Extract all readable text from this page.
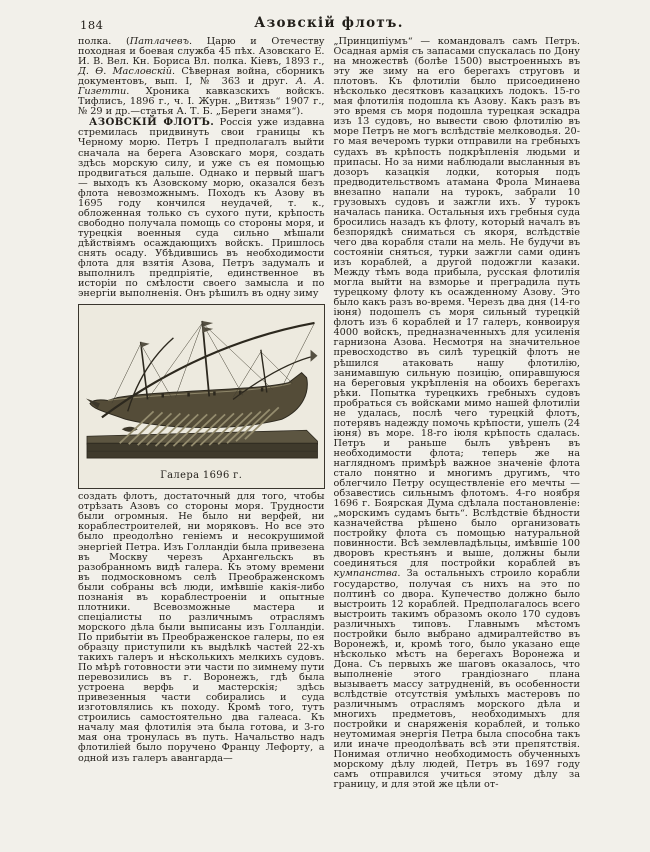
184	Азовскій флотъ.

полка. (Патлачевъ. Царю и Отечеству походная и боевая служба 45 пѣх. Азовскаго Е. И. В. Вел. Кн. Бориса Вл. полка. Кіевъ, 1893 г., Д. Ѳ. Масловскій. Сѣверная война, сборникъ документовъ, вып. I, № 363 и друг. А. А. Гизетти. Хроника кавказскихъ войскъ. Тифлисъ, 1896 г., ч. I. Журн. „Витязь“ 1907 г., № 29 и др.—статья А. Т. Б. „Береги знамя“).

АЗОВСКІЙ ФЛОТЪ. Россія уже издавна стремилась придвинуть свои границы къ Черному морю. Петръ I предполагалъ выйти сначала на берега Азовскаго моря, создать здѣсь морскую силу, и уже съ ея помощью продвигаться дальше. Однако и первый шагъ — выходъ къ Азовскому морю, оказался безъ флота невозможнымъ. Походъ къ Азову въ 1695 году кончился неудачей, т. к., обложенная только съ сухого пути, крѣпость свободно получала помощь со стороны моря, и турецкія военныя суда сильно мѣшали дѣйствіямъ осаждающихъ войскъ. Пришлось снять осаду. Убѣдившись въ необходимости флота для взятія Азова, Петръ задумалъ и выполнилъ предпріятіе, единственное въ исторіи по смѣлости своего замысла и по энергіи выполненія. Онъ рѣшилъ въ одну зиму

Галера 1696 г.

создать флотъ, достаточный для того, чтобы отрѣзать Азовъ со стороны моря. Трудности были огромныя. Не было ни верфей, ни кораблестроителей, ни моряковъ. Но все это было преодолѣно геніемъ и несокрушимой энергіей Петра. Изъ Голландіи была привезена въ Москву черезъ Архангельскъ въ разобранномъ видѣ галера. Къ этому времени въ подмосковномъ селѣ Преображенскомъ были собраны всѣ люди, имѣвшіе какія-либо познанія въ кораблестроеніи и опытные плотники. Всевозможные мастера и спеціалисты по различнымъ отраслямъ морского дѣла были выписаны изъ Голландіи. По прибытіи въ Преображенское галеры, по ея образцу приступили къ выдѣлкѣ частей 22-хъ такихъ галеръ и нѣсколькихъ мелкихъ судовъ. По мѣрѣ готовности эти части по зимнему пути перевозились въ г. Воронежъ, гдѣ была устроена верфь и мастерскія; здѣсь привезенныя части собирались и суда изготовлялись къ походу. Кромѣ того, тутъ строились самостоятельно два галеаса. Къ началу мая флотилія эта была готова, и 3-го мая она тронулась въ путь. Начальство надъ флотиліей было поручено Францу Лефорту, а одной изъ галеръ авангарда—

„Принципіумъ“ — командовалъ самъ Петръ. Осадная армія съ запасами спускалась по Дону на множествѣ (болѣе 1500) выстроенныхъ въ эту же зиму на его берегахъ струговъ и плотовъ. Къ флотиліи было присоединено нѣсколько десятковъ казацкихъ лодокъ. 15-го мая флотилія подошла къ Азову. Какъ разъ въ это время съ моря подошла турецкая эскадра изъ 13 судовъ, но вывести свою флотилію въ море Петръ не могъ вслѣдствіе мелководья. 20-го мая вечеромъ турки отправили на гребныхъ судахъ въ крѣпость подкрѣпленія людьми и припасы. Но за ними наблюдали высланныя въ дозоръ казацкія лодки, которыя подъ предводительствомъ атамана Фрола Минаева внезапно напали на турокъ, забрали 10 грузовыхъ судовъ и зажгли ихъ. У турокъ началась паника. Остальныя ихъ гребныя суда бросились назадъ къ флоту, который началъ въ безпорядкѣ сниматься съ якоря, вслѣдствіе чего два корабля стали на мель. Не будучи въ состояніи сняться, турки зажгли сами одинъ изъ кораблей, а другой подожгли казаки. Между тѣмъ вода прибыла, русская флотилія могла выйти на взморье и преградила путь турецкому флоту къ осажденному Азову. Это было какъ разъ во-время. Черезъ два дня (14-го іюня) подошелъ съ моря сильный турецкій флотъ изъ 6 кораблей и 17 галеръ, конвоируя 4000 войскъ, предназначенныхъ для усиленія гарнизона Азова. Несмотря на значительное превосходство въ силѣ турецкій флотъ не рѣшился атаковать нашу флотилію, занимавшую сильную позицію, опиравшуюся на береговыя укрѣпленія на обоихъ берегахъ рѣки. Попытка турецкихъ гребныхъ судовъ пробраться съ войсками мимо нашей флотиліи не удалась, послѣ чего турецкій флотъ, потерявъ надежду помочь крѣпости, ушелъ (24 іюня) въ море. 18-го іюля крѣпость сдалась. Петръ и раньше былъ увѣренъ въ необходимости флота; теперь же на наглядномъ примѣрѣ важное значеніе флота стало понятно и многимъ другимъ, что облегчило Петру осуществленіе его мечты — обзавестись сильнымъ флотомъ. 4-го ноября 1696 г. Боярская Дума сдѣлала постановленіе: „морскимъ судамъ быть“. Вслѣдствіе бѣдности казначейства рѣшено было организовать постройку флота съ помощью натуральной повинности. Всѣ землевладѣльцы, имѣвшіе 100 дворовъ крестьянъ и выше, должны были соединяться для постройки кораблей въ кумпанства. За остальныхъ строило корабли государство, получая съ нихъ на это по полтинѣ со двора. Купечество должно было выстроить 12 кораблей. Предполагалось всего выстроить такимъ образомъ около 170 судовъ различныхъ типовъ. Главнымъ мѣстомъ постройки было выбрано адмиралтейство въ Воронежѣ, и, кромѣ того, было указано еще нѣсколько мѣстъ на берегахъ Воронежа и Дона. Съ первыхъ же шаговъ оказалось, что выполненіе этого грандіознаго плана вызываетъ массу затрудненій, въ особенности вслѣдствіе отсутствія умѣлыхъ мастеровъ по различнымъ отраслямъ морского дѣла и многихъ предметовъ, необходимыхъ для постройки и снаряженія кораблей, и только неутомимая энергія Петра была способна такъ или иначе преодолѣвать всѣ эти препятствія. Понимая отлично необходимость обученныхъ морскому дѣлу людей, Петръ въ 1697 году самъ отправился учиться этому дѣлу за границу, и для этой же цѣли от-
